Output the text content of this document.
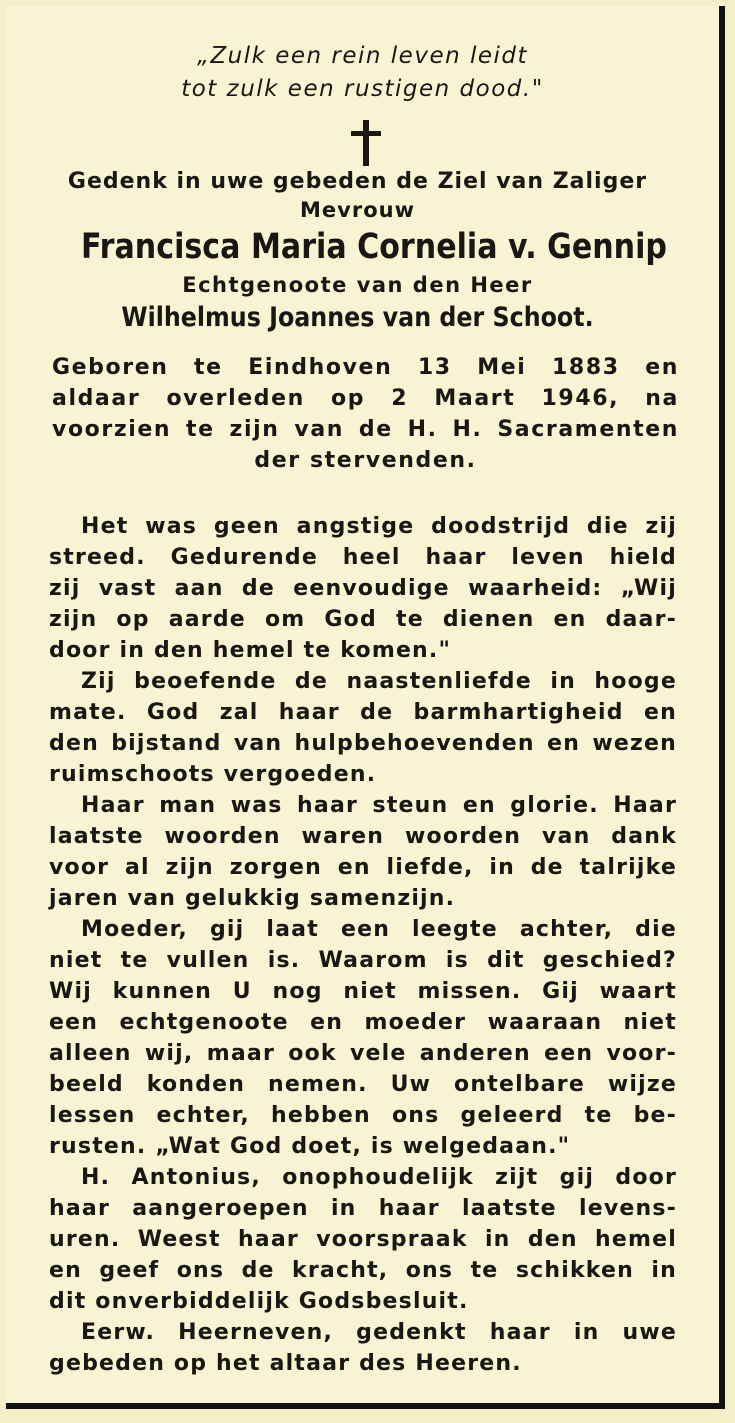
„Zulk een rein leven leidt
tot zulk een rustigen dood."
Gedenk in uwe gebeden de Ziel van Zaliger
Mevrouw
Francisca Maria Cornelia v. Gennip
Echtgenoote van den Heer
Wilhelmus Joannes van der Schoot.
Geboren te Eindhoven 13 Mei 1883 en
aldaar overleden op 2 Maart 1946, na
voorzien te zijn van de H. H. Sacramenten
der stervenden.
Het was geen angstige doodstrijd die zij
streed. Gedurende heel haar leven hield
zij vast aan de eenvoudige waarheid: „Wij
zijn op aarde om God te dienen en daar-
door in den hemel te komen."
Zij beoefende de naastenliefde in hooge
mate. God zal haar de barmhartigheid en
den bijstand van hulpbehoevenden en wezen
ruimschoots vergoeden.
Haar man was haar steun en glorie. Haar
laatste woorden waren woorden van dank
voor al zijn zorgen en liefde, in de talrijke
jaren van gelukkig samenzijn.
Moeder, gij laat een leegte achter, die
niet te vullen is. Waarom is dit geschied?
Wij kunnen U nog niet missen. Gij waart
een echtgenoote en moeder waaraan niet
alleen wij, maar ook vele anderen een voor-
beeld konden nemen. Uw ontelbare wijze
lessen echter, hebben ons geleerd te be-
rusten. „Wat God doet, is welgedaan."
H. Antonius, onophoudelijk zijt gij door
haar aangeroepen in haar laatste levens-
uren. Weest haar voorspraak in den hemel
en geef ons de kracht, ons te schikken in
dit onverbiddelijk Godsbesluit.
Eerw. Heerneven, gedenkt haar in uwe
gebeden op het altaar des Heeren.
